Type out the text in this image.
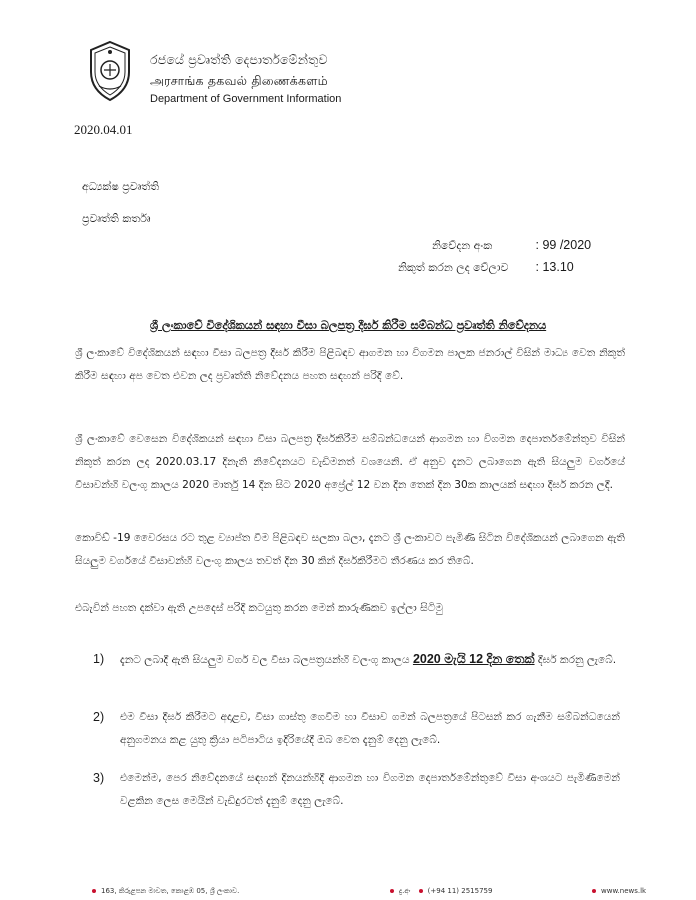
රජයේ ප්‍රවෘත්ති දෙපාර්තමේන්තුව
அரசாங்க தகவல் திணைக்களம்
Department of Government Information
2020.04.01
අධ්‍යක්ෂ ප්‍රවෘත්ති
ප්‍රවෘත්ති කර්තෘ
නිවේදන අංක	: 99 /2020
නිකුත් කරන ලද වේලාව : 13.10
ශ්‍රී ලංකාවේ විදේශිකයන් සඳහා වීසා බලපත්‍ර දීර්ඝ කිරීම සම්බන්ධ ප්‍රවෘත්ති නිවේදනය
ශ්‍රී ලංකාවේ විදේශිකයන් සඳහා වීසා බලපත්‍ර දීර්ඝ කිරීම පිළිබඳව ආගමන හා විගමන පාලක ජනරාල් විසින් මාධ්‍ය වෙත නිකුත් කිරීම සඳහා අප වෙත එවන ලද ප්‍රවෘත්ති නිවේදනය පහත සඳහන් පරිදි වේ.
ශ්‍රී ලංකාවේ වෙසෙන විදේශිකයන් සඳහා වීසා බලපත්‍ර දීර්ඝකිරීම සම්බන්ධයෙන් ආගමන හා විගමන දෙපාර්තමේන්තුව විසින් නිකුත් කරන ලද 2020.03.17 දිනැති නිවේදනයට වැඩිමනත් වශයෙනි. ඒ අනුව දැනට ලබාගෙන ඇති සියලුම වර්ගයේ වීසාවන්හි වලංගු කාලය 2020 මාර්තු 14 දින සිට 2020 අප්‍රේල් 12 වන දින තෙක් දින 30ක කාලයක් සඳහා දීර්ඝ කරන ලදී.
කොවිඩ් -19 වෛරසය රට තුළ ව්‍යාප්ත වීම පිළිබඳව සලකා බලා, දැනට ශ්‍රී ලංකාවට පැමිණි සිටින විදේශිකයන් ලබාගෙන ඇති සියලුම වර්ගයේ වීසාවන්හි වලංගු කාලය තවත් දින 30 කින් දීර්ඝකිරීමට තීරණය කර තිබේ.
එබැවින් පහත දක්වා ඇති උපදෙස් පරිදි කටයුතු කරන මෙන් කාරුණිකව ඉල්ලා සිටිමු
1) දැනට ලබාදී ඇති සියලුම වර්ග වල වීසා බලපත්‍රයන්හි වලංගු කාලය 2020 මැයි 12 දින තෙක් දීර්ඝ කරනු ලැබේ.
2) එම වීසා දීර්ඝ කිරීමට අදාළව, වීසා ගාස්තු ගෙවීම හා වීසාව ගමන් බලපත්‍රයේ පිටසන් කර ගැනීම සම්බන්ධයෙන් අනුගමනය කළ යුතු ක්‍රියා පටිපාටිය ඉදිරියේදී ඔබ වෙත දැනුම් දෙනු ලැබේ.
3) එමෙන්ම, පෙර නිවේදනයේ සඳහන් දිනයන්හිදී ආගමන හා විගමන දෙපාර්තමේන්තුවේ වීසා අංශයට පැමිණීමෙන් වළකින ලෙස මෙයින් වැඩිදුරටත් දැනුම් දෙනු ලැබේ.
163, කිරුළපන මාවත, කොළඹ 05, ශ්‍රී ලංකාව.	දු.අං (+94 11) 2515759	www.news.lk
